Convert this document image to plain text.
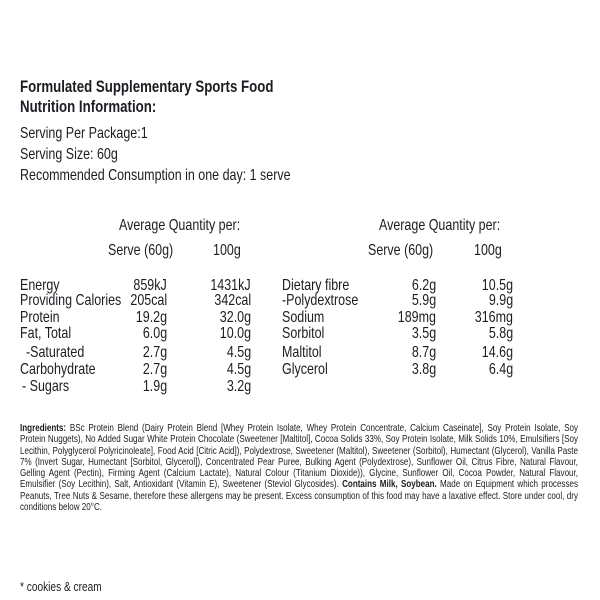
Formulated Supplementary Sports Food
Nutrition Information:
Serving Per Package:1
Serving Size: 60g
Recommended Consumption in one day: 1 serve
Average Quantity per:
Serve (60g)	100g
Average Quantity per:
Serve (60g)	100g
Energy	859kJ	1431kJ
Providing Calories 205cal	342cal
Protein	19.2g	32.0g
Fat, Total	6.0g	10.0g
-Saturated	2.7g	4.5g
Carbohydrate	2.7g	4.5g
- Sugars	1.9g	3.2g
Dietary fibre	6.2g	10.5g
-Polydextrose	5.9g	9.9g
Sodium	189mg	316mg
Sorbitol	3.5g	5.8g
Maltitol	8.7g	14.6g
Glycerol	3.8g	6.4g
Ingredients: BSc Protein Blend (Dairy Protein Blend [Whey Protein Isolate, Whey Protein Concentrate, Calcium Caseinate], Soy Protein Isolate, Soy Protein Nuggets), No Added Sugar White Protein Chocolate (Sweetener [Maltitol], Cocoa Solids 33%, Soy Protein Isolate, Milk Solids 10%, Emulsifiers [Soy Lecithin, Polyglycerol Polyricinoleate], Food Acid [Citric Acid]), Polydextrose, Sweetener (Maltitol), Sweetener (Sorbitol), Humectant (Glycerol), Vanilla Paste 7% (Invert Sugar, Humectant [Sorbitol, Glycerol]), Concentrated Pear Puree, Bulking Agent (Polydextrose), Sunflower Oil, Citrus Fibre, Natural Flavour, Gelling Agent (Pectin), Firming Agent (Calcium Lactate), Natural Colour (Titanium Dioxide)), Glycine, Sunflower Oil, Cocoa Powder, Natural Flavour, Emulsifier (Soy Lecithin), Salt, Antioxidant (Vitamin E), Sweetener (Steviol Glycosides). Contains Milk, Soybean. Made on Equipment which processes Peanuts, Tree Nuts & Sesame, therefore these allergens may be present. Excess consumption of this food may have a laxative effect. Store under cool, dry conditions below 20°C.
* cookies & cream
